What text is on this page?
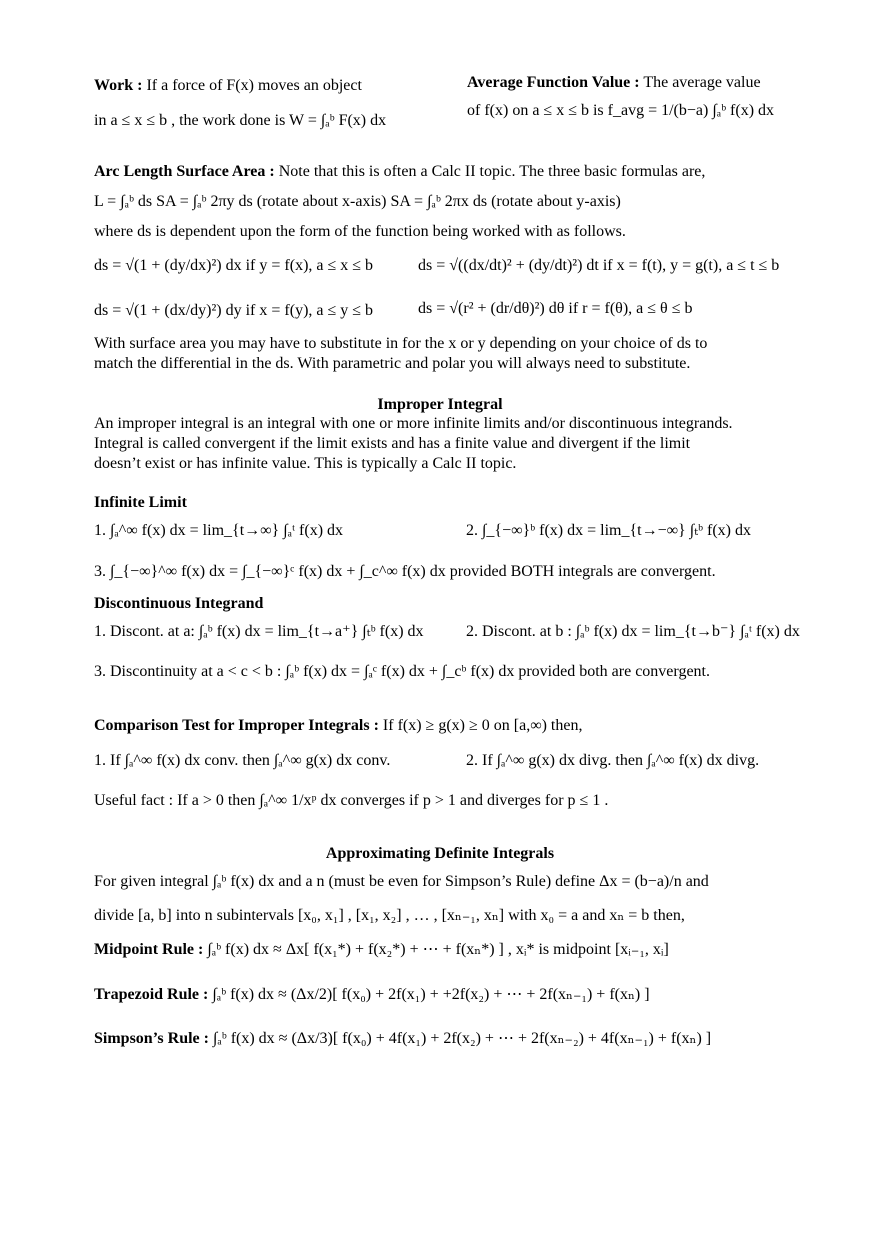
Work : If a force of F(x) moves an object
in a ≤ x ≤ b , the work done is W = ∫ₐᵇ F(x) dx
Average Function Value : The average value
of f(x) on a ≤ x ≤ b is f_avg = 1/(b−a) ∫ₐᵇ f(x) dx
Arc Length Surface Area : Note that this is often a Calc II topic. The three basic formulas are,
L = ∫ₐᵇ ds SA = ∫ₐᵇ 2πy ds (rotate about x-axis) SA = ∫ₐᵇ 2πx ds (rotate about y-axis)
where ds is dependent upon the form of the function being worked with as follows.
ds = √(1 + (dy/dx)²) dx if y = f(x), a ≤ x ≤ b	ds = √((dx/dt)² + (dy/dt)²) dt if x = f(t), y = g(t), a ≤ t ≤ b
ds = √(1 + (dx/dy)²) dy if x = f(y), a ≤ y ≤ b	ds = √(r² + (dr/dθ)²) dθ if r = f(θ), a ≤ θ ≤ b
With surface area you may have to substitute in for the x or y depending on your choice of ds to
match the differential in the ds. With parametric and polar you will always need to substitute.
Improper Integral
An improper integral is an integral with one or more infinite limits and/or discontinuous integrands.
Integral is called convergent if the limit exists and has a finite value and divergent if the limit
doesn’t exist or has infinite value. This is typically a Calc II topic.
Infinite Limit
1. ∫ₐ^∞ f(x) dx = lim_{t→∞} ∫ₐᵗ f(x) dx	2. ∫_{−∞}ᵇ f(x) dx = lim_{t→−∞} ∫ₜᵇ f(x) dx
3. ∫_{−∞}^∞ f(x) dx = ∫_{−∞}ᶜ f(x) dx + ∫_c^∞ f(x) dx provided BOTH integrals are convergent.
Discontinuous Integrand
1. Discont. at a: ∫ₐᵇ f(x) dx = lim_{t→a⁺} ∫ₜᵇ f(x) dx	2. Discont. at b : ∫ₐᵇ f(x) dx = lim_{t→b⁻} ∫ₐᵗ f(x) dx
3. Discontinuity at a < c < b : ∫ₐᵇ f(x) dx = ∫ₐᶜ f(x) dx + ∫_cᵇ f(x) dx provided both are convergent.
Comparison Test for Improper Integrals : If f(x) ≥ g(x) ≥ 0 on [a,∞) then,
1. If ∫ₐ^∞ f(x) dx conv. then ∫ₐ^∞ g(x) dx conv.	2. If ∫ₐ^∞ g(x) dx divg. then ∫ₐ^∞ f(x) dx divg.
Useful fact : If a > 0 then ∫ₐ^∞ 1/xᵖ dx converges if p > 1 and diverges for p ≤ 1 .
Approximating Definite Integrals
For given integral ∫ₐᵇ f(x) dx and a n (must be even for Simpson’s Rule) define Δx = (b−a)/n and
divide [a, b] into n subintervals [x₀, x₁] , [x₁, x₂] , … , [xₙ₋₁, xₙ] with x₀ = a and xₙ = b then,
Midpoint Rule : ∫ₐᵇ f(x) dx ≈ Δx[ f(x₁*) + f(x₂*) + ⋯ + f(xₙ*) ] , xᵢ* is midpoint [xᵢ₋₁, xᵢ]
Trapezoid Rule : ∫ₐᵇ f(x) dx ≈ (Δx/2)[ f(x₀) + 2f(x₁) + +2f(x₂) + ⋯ + 2f(xₙ₋₁) + f(xₙ) ]
Simpson’s Rule : ∫ₐᵇ f(x) dx ≈ (Δx/3)[ f(x₀) + 4f(x₁) + 2f(x₂) + ⋯ + 2f(xₙ₋₂) + 4f(xₙ₋₁) + f(xₙ) ]
